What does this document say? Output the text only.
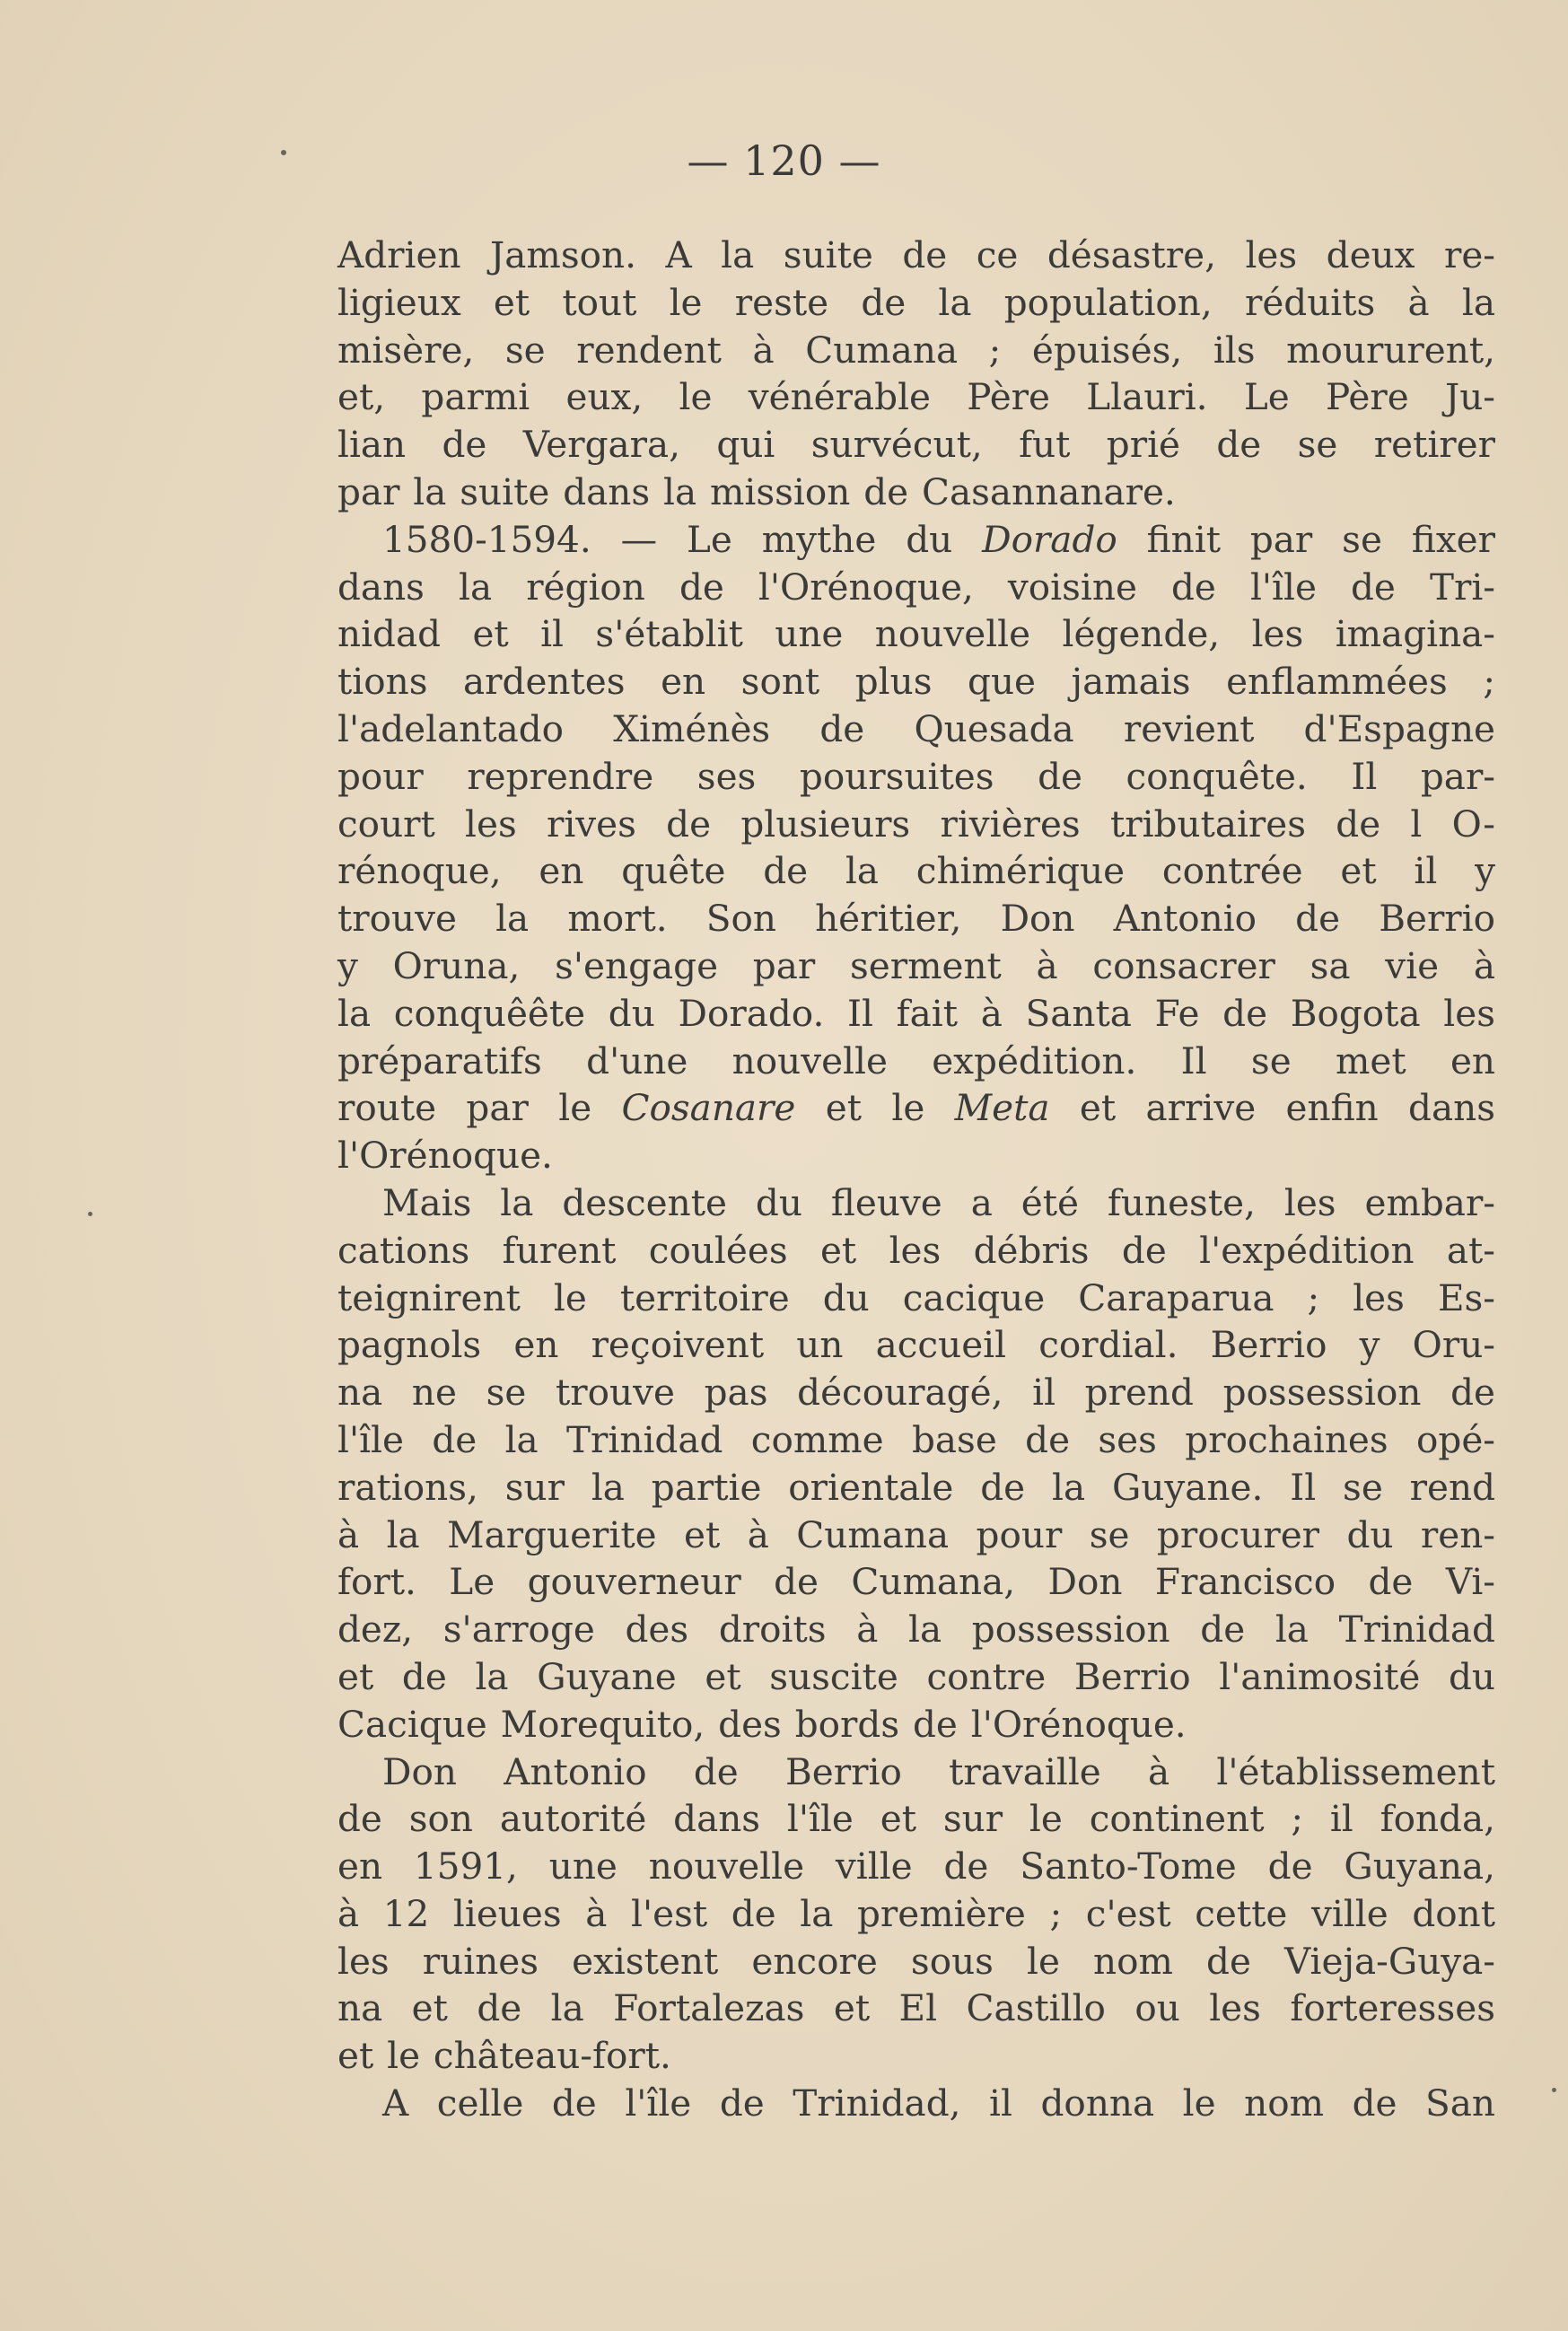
— 120 —
Adrien Jamson. A la suite de ce désastre, les deux re-
ligieux et tout le reste de la population, réduits à la
misère, se rendent à Cumana ; épuisés, ils moururent,
et, parmi eux, le vénérable Père Llauri. Le Père Ju-
lian de Vergara, qui survécut, fut prié de se retirer
par la suite dans la mission de Casannanare.
1580-1594. — Le mythe du Dorado finit par se fixer
dans la région de l'Orénoque, voisine de l'île de Tri-
nidad et il s'établit une nouvelle légende, les imagina-
tions ardentes en sont plus que jamais enflammées ;
l'adelantado Ximénès de Quesada revient d'Espagne
pour reprendre ses poursuites de conquête. Il par-
court les rives de plusieurs rivières tributaires de l O-
rénoque, en quête de la chimérique contrée et il y
trouve la mort. Son héritier, Don Antonio de Berrio
y Oruna, s'engage par serment à consacrer sa vie à
la conquêête du Dorado. Il fait à Santa Fe de Bogota les
préparatifs d'une nouvelle expédition. Il se met en
route par le Cosanare et le Meta et arrive enfin dans
l'Orénoque.
Mais la descente du fleuve a été funeste, les embar-
cations furent coulées et les débris de l'expédition at-
teignirent le territoire du cacique Caraparua ; les Es-
pagnols en reçoivent un accueil cordial. Berrio y Oru-
na ne se trouve pas découragé, il prend possession de
l'île de la Trinidad comme base de ses prochaines opé-
rations, sur la partie orientale de la Guyane. Il se rend
à la Marguerite et à Cumana pour se procurer du ren-
fort. Le gouverneur de Cumana, Don Francisco de Vi-
dez, s'arroge des droits à la possession de la Trinidad
et de la Guyane et suscite contre Berrio l'animosité du
Cacique Morequito, des bords de l'Orénoque.
Don Antonio de Berrio travaille à l'établissement
de son autorité dans l'île et sur le continent ; il fonda,
en 1591, une nouvelle ville de Santo-Tome de Guyana,
à 12 lieues à l'est de la première ; c'est cette ville dont
les ruines existent encore sous le nom de Vieja-Guya-
na et de la Fortalezas et El Castillo ou les forteresses
et le château-fort.
A celle de l'île de Trinidad, il donna le nom de San
